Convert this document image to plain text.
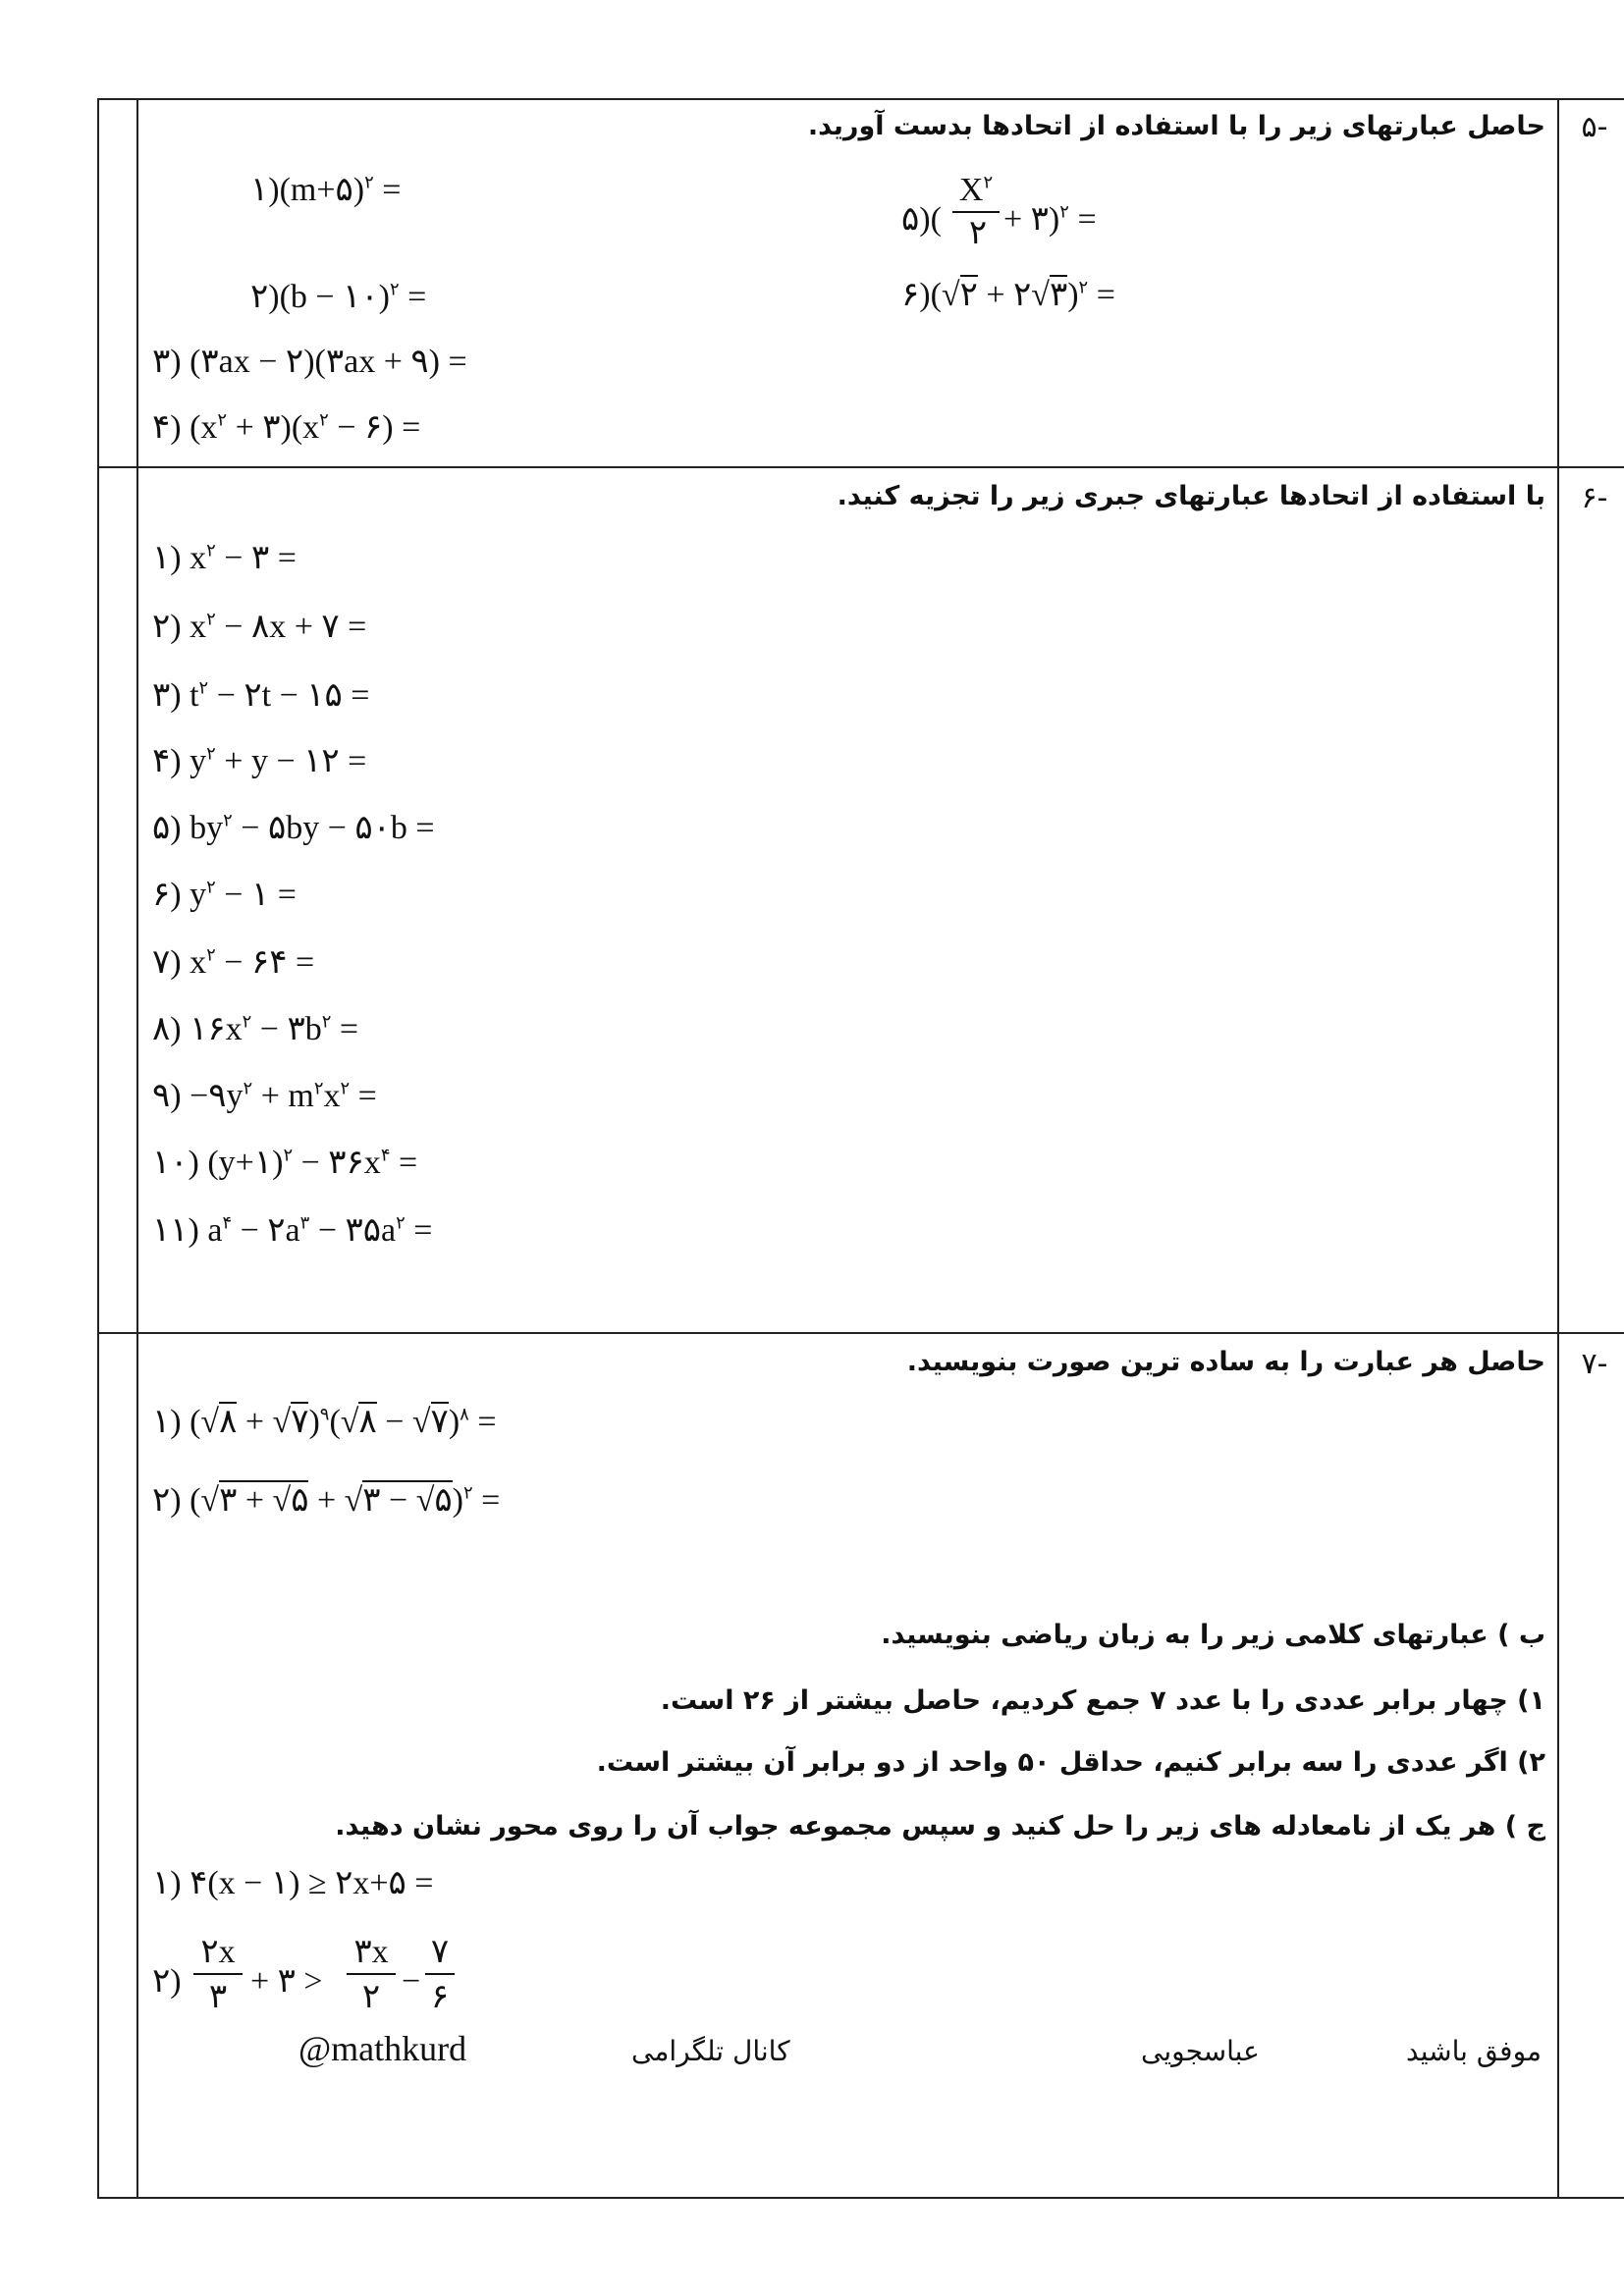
-۵
حاصل عبارتهای زیر را با استفاده از اتحادها بدست آورید.
۱)(m+۵)$^۲$ =
۲)(b − ۱۰)$^۲$ =
۳) (۳ax − ۲)(۳ax + ۹) =
۴) ($x^۲$ + $۳)(x^۲$ − ۶) =
۵)(
$X^۲$
۲ + ۳)$^۲$ =
۶)(√۲ + ۲√۳)$^۲$ =
-۶
با استفاده از اتحادها عبارتهای جبری زیر را تجزیه کنید.
۱) $x^۲$ − ۳ =
۲) $x^۲$ − ۸x + ۷ =
۳) $t^۲$ − ۲t − ۱۵ =
۴) $y^۲ + y$ − ۱۲ =
۵) $by^۲$ − ۵by − ۵۰b =
۶) $y^۲$ − ۱ =
۷) $x^۲$ − ۶۴ =
۸) $۱۶x^۲$ − $۳b^۲$ =
۹) $-۹y^۲ + m^۲x^۲$ =
۱۰) (y+۱)$^۲$ − $۳۶x^۴$ =
۱۱) $a^۴$ − $۲a^۳$ − $۳۵a^۲$ =
-۷
حاصل هر عبارت را به ساده ترین صورت بنویسید.
۱) (√۸ + √۷)$^۹$(√۸ − √۷)$^۸$ =
۲) (√۳ + √۵ + √۳ − √۵)$^۲$ =
ب ) عبارتهای کلامی زیر را به زبان ریاضی بنویسید.
۱) چهار برابر عددی را با عدد ۷ جمع کردیم، حاصل بیشتر از ۲۶ است.
۲) اگر عددی را سه برابر کنیم، حداقل ۵۰ واحد از دو برابر آن بیشتر است.
ج ) هر یک از نامعادله های زیر را حل کنید و سپس مجموعه جواب آن را روی محور نشان دهید.
۱) ۴(x − ۱) ≥ ۲x+۵ =
۲)
۲x
۳ + ۳ >
۳x
۲ −
۷
۶
موفق باشید
عباسجویی
کانال تلگرامی
@mathkurd
